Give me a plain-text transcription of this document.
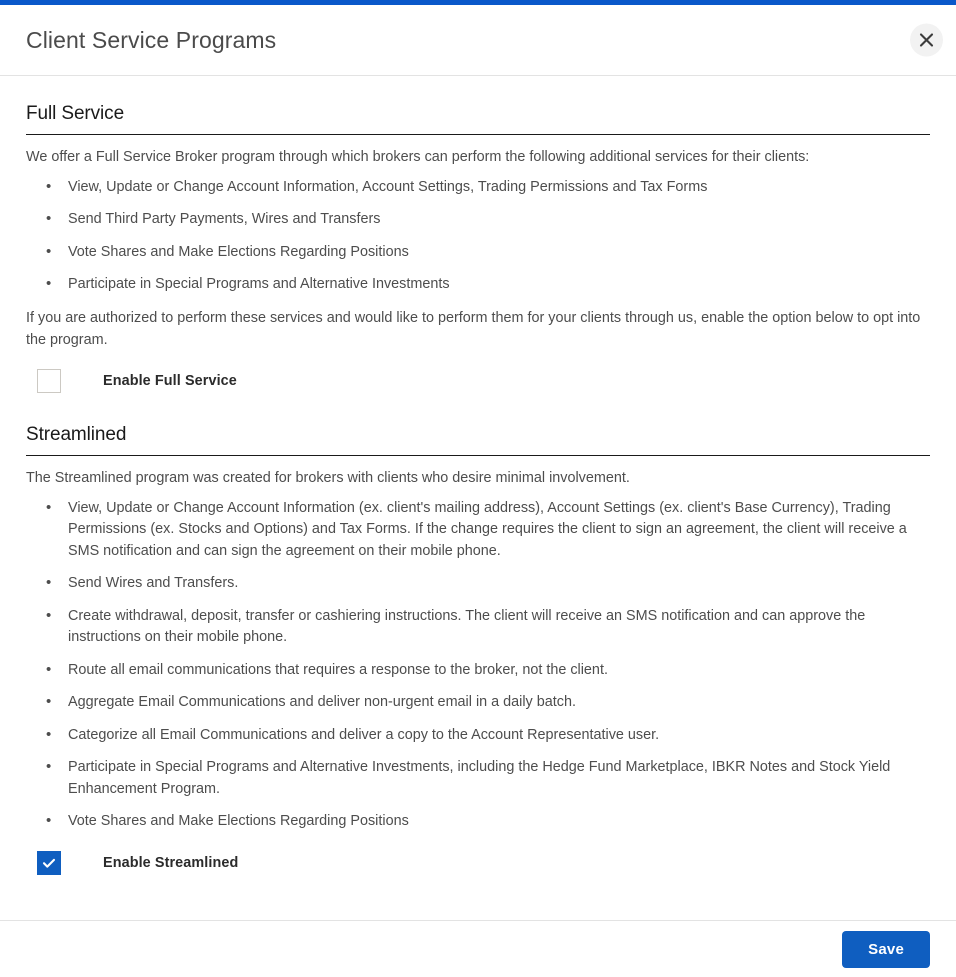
Client Service Programs
Full Service

We offer a Full Service Broker program through which brokers can perform the following additional services for their clients:

• View, Update or Change Account Information, Account Settings, Trading Permissions and Tax Forms
• Send Third Party Payments, Wires and Transfers
• Vote Shares and Make Elections Regarding Positions
• Participate in Special Programs and Alternative Investments

If you are authorized to perform these services and would like to perform them for your clients through us, enable the option below to opt into the program.

Enable Full Service
Streamlined

The Streamlined program was created for brokers with clients who desire minimal involvement.

• View, Update or Change Account Information (ex. client's mailing address), Account Settings (ex. client's Base Currency), Trading Permissions (ex. Stocks and Options) and Tax Forms. If the change requires the client to sign an agreement, the client will receive a SMS notification and can sign the agreement on their mobile phone.
• Send Wires and Transfers.
• Create withdrawal, deposit, transfer or cashiering instructions. The client will receive an SMS notification and can approve the instructions on their mobile phone.
• Route all email communications that requires a response to the broker, not the client.
• Aggregate Email Communications and deliver non-urgent email in a daily batch.
• Categorize all Email Communications and deliver a copy to the Account Representative user.
• Participate in Special Programs and Alternative Investments, including the Hedge Fund Marketplace, IBKR Notes and Stock Yield Enhancement Program.
• Vote Shares and Make Elections Regarding Positions
Enable Streamlined
Save
